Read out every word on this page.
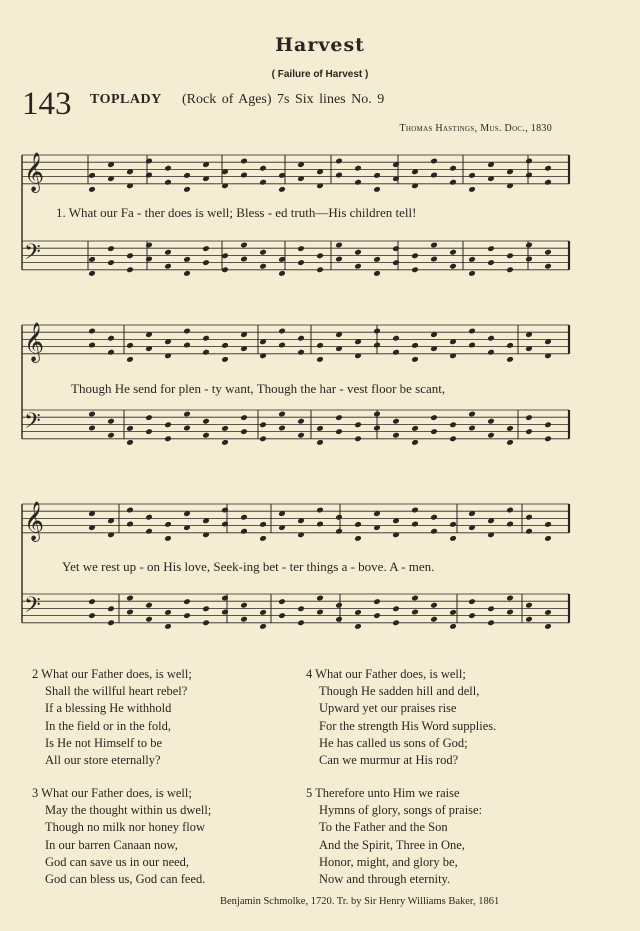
Harvest
( Failure of Harvest )
143 TOPLADY (Rock of Ages) 7s Six lines No. 9
Thomas Hastings, Mus. Doc., 1830
𝄞
𝄢
𝄞
𝄢
𝄞
𝄢
1. What our Fa - ther does is well; Bless - ed truth—His children tell!
Though He send for plen - ty want, Though the har - vest floor be scant,
Yet we rest up - on His love, Seek-ing bet - ter things a - bove. A - men.
2 What our Father does, is well;
Shall the willful heart rebel?
If a blessing He withhold
In the field or in the fold,
Is He not Himself to be
All our store eternally?
3 What our Father does, is well;
May the thought within us dwell;
Though no milk nor honey flow
In our barren Canaan now,
God can save us in our need,
God can bless us, God can feed.
4 What our Father does, is well;
Though He sadden hill and dell,
Upward yet our praises rise
For the strength His Word supplies.
He has called us sons of God;
Can we murmur at His rod?
5 Therefore unto Him we raise
Hymns of glory, songs of praise:
To the Father and the Son
And the Spirit, Three in One,
Honor, might, and glory be,
Now and through eternity.
Benjamin Schmolke, 1720. Tr. by Sir Henry Williams Baker, 1861
